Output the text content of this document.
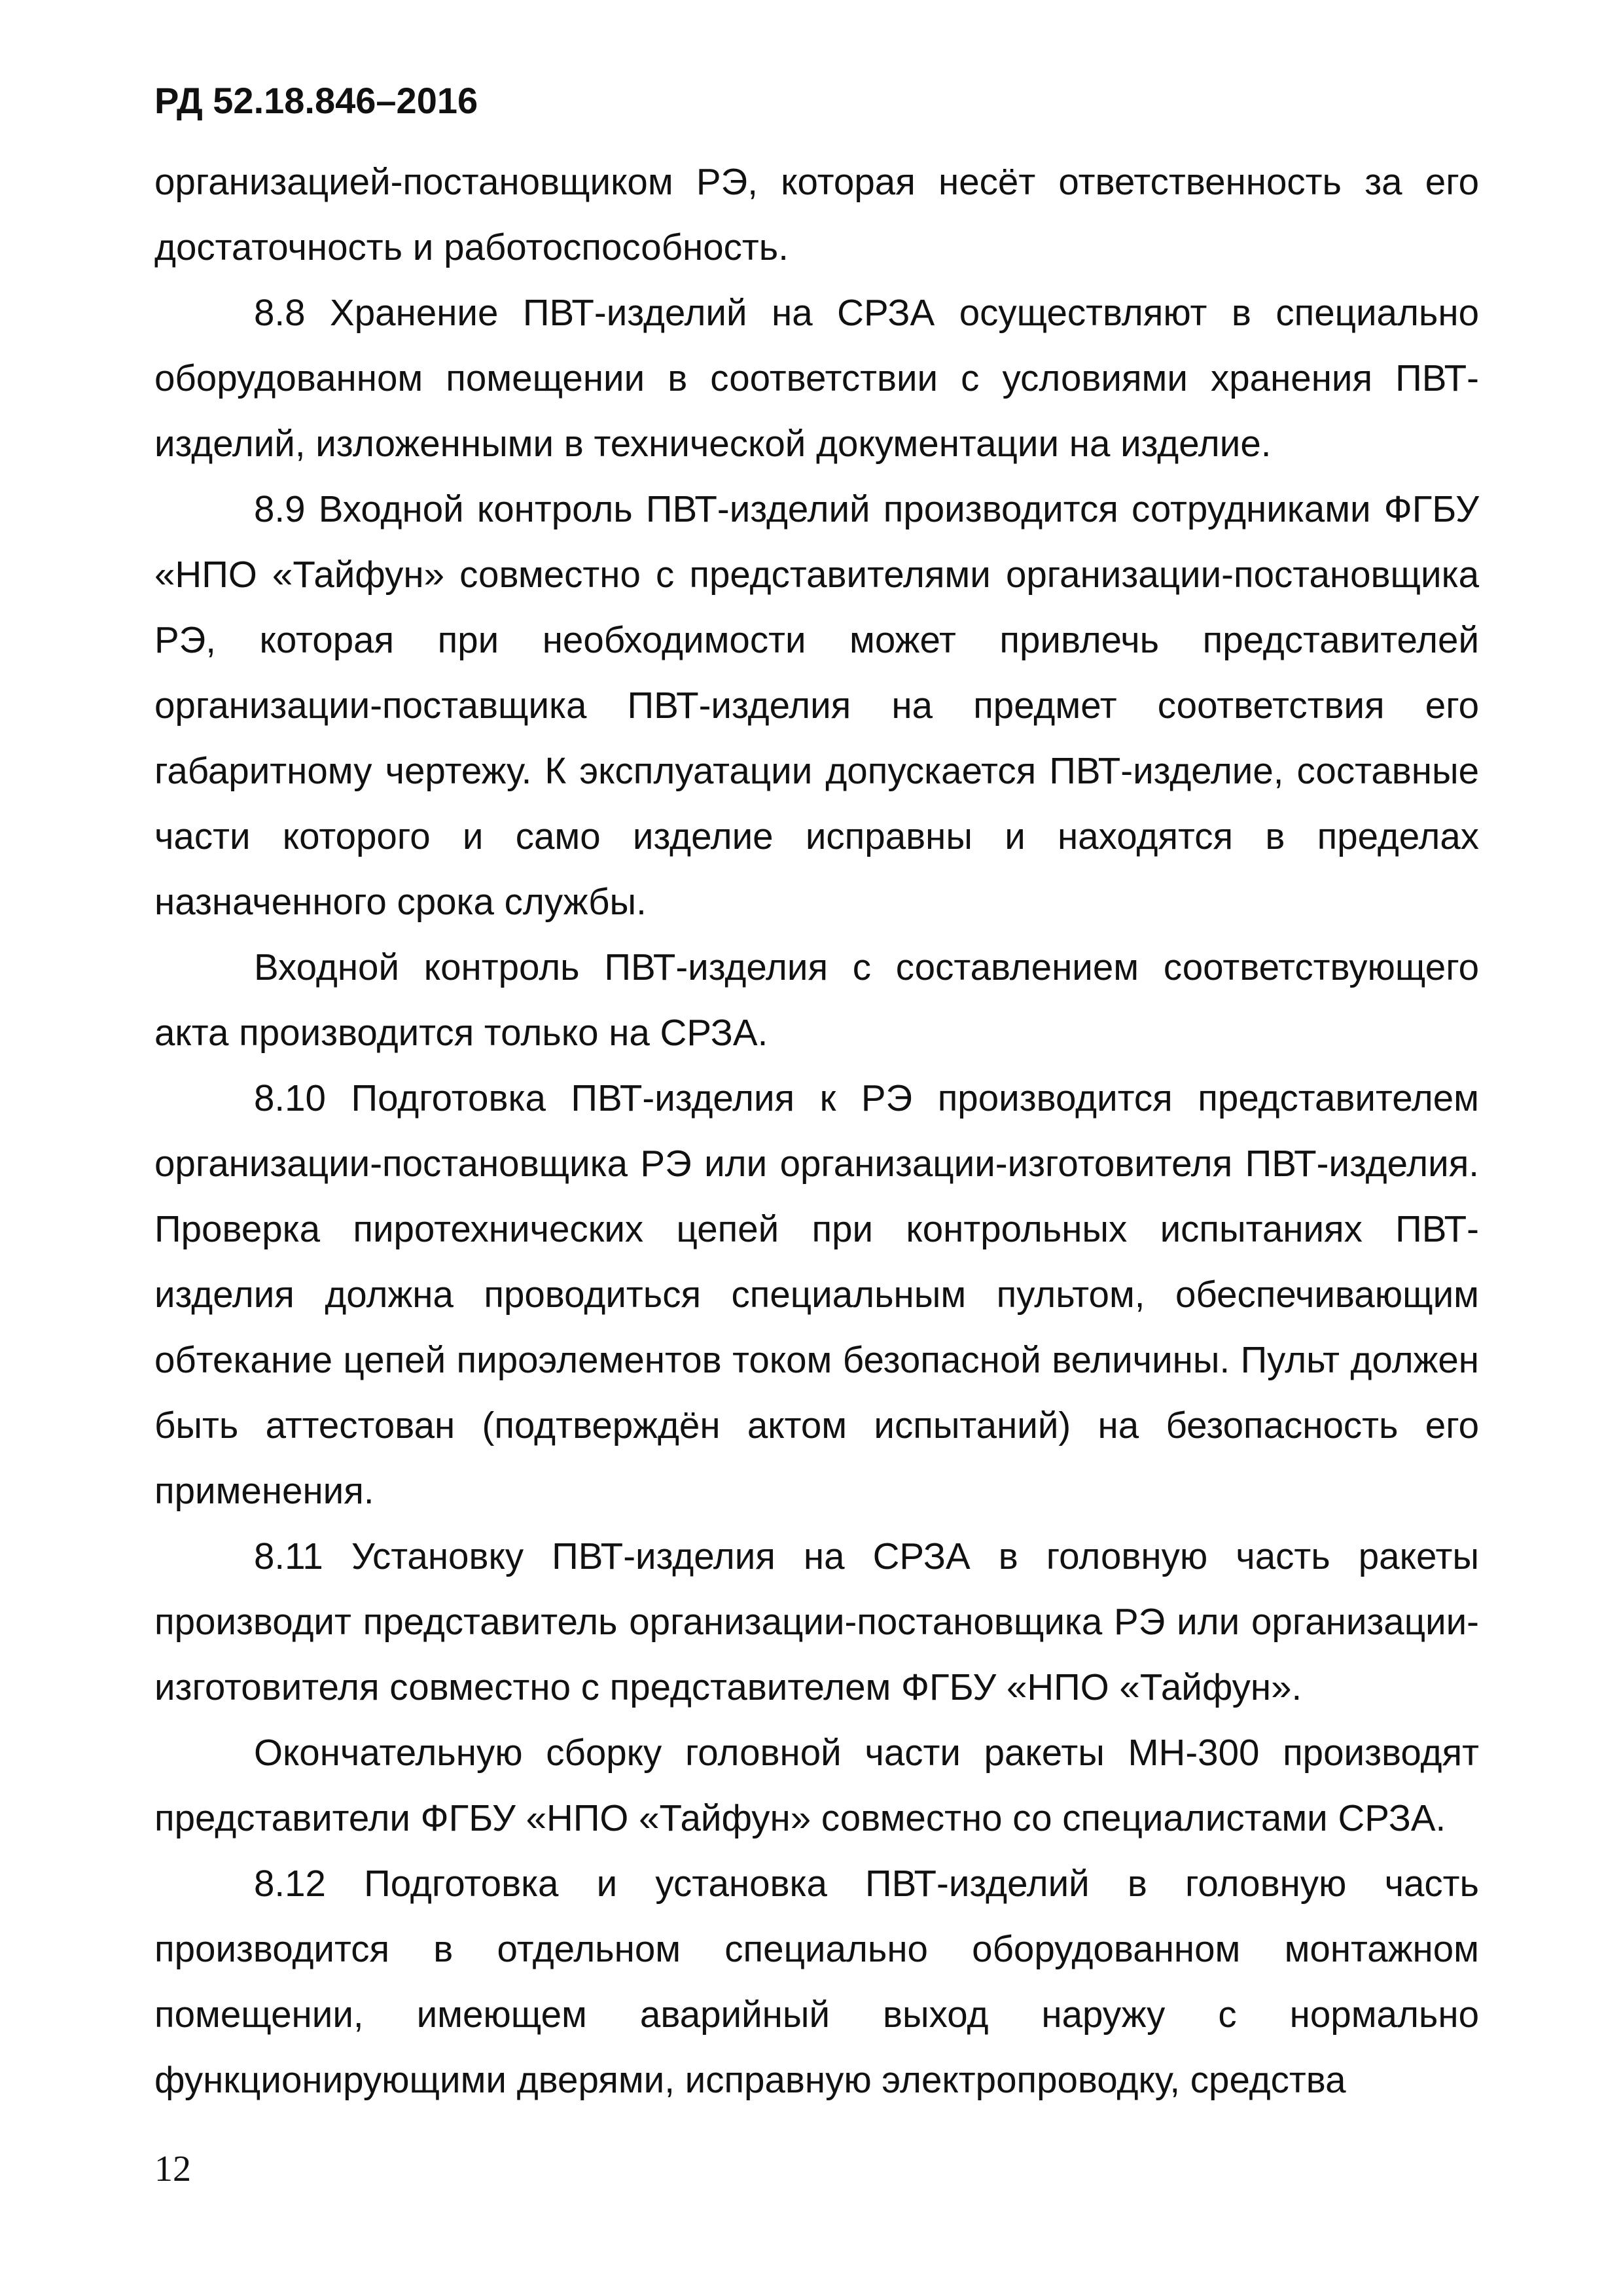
РД 52.18.846–2016

организацией-постановщиком РЭ, которая несёт ответственность за его достаточность и работоспособность.

8.8 Хранение ПВТ-изделий на СРЗА осуществляют в специально оборудованном помещении в соответствии с условиями хранения ПВТ-изделий, изложенными в технической документации на изделие.

8.9 Входной контроль ПВТ-изделий производится сотрудниками ФГБУ «НПО «Тайфун» совместно с представителями организации-постановщика РЭ, которая при необходимости может привлечь представителей организации-поставщика ПВТ-изделия на предмет соответствия его габаритному чертежу. К эксплуатации допускается ПВТ-изделие, составные части которого и само изделие исправны и находятся в пределах назначенного срока службы.

Входной контроль ПВТ-изделия с составлением соответствующего акта производится только на СРЗА.

8.10 Подготовка ПВТ-изделия к РЭ производится представителем организации-постановщика РЭ или организации-изготовителя ПВТ-изделия. Проверка пиротехнических цепей при контрольных испытаниях ПВТ-изделия должна проводиться специальным пультом, обеспечивающим обтекание цепей пироэлементов током безопасной величины. Пульт должен быть аттестован (подтверждён актом испытаний) на безопасность его применения.

8.11 Установку ПВТ-изделия на СРЗА в головную часть ракеты производит представитель организации-постановщика РЭ или организации-изготовителя совместно с представителем ФГБУ «НПО «Тайфун».

Окончательную сборку головной части ракеты МН-300 производят представители ФГБУ «НПО «Тайфун» совместно со специалистами СРЗА.

8.12 Подготовка и установка ПВТ-изделий в головную часть производится в отдельном специально оборудованном монтажном помещении, имеющем аварийный выход наружу с нормально функционирующими дверями, исправную электропроводку, средства

12
